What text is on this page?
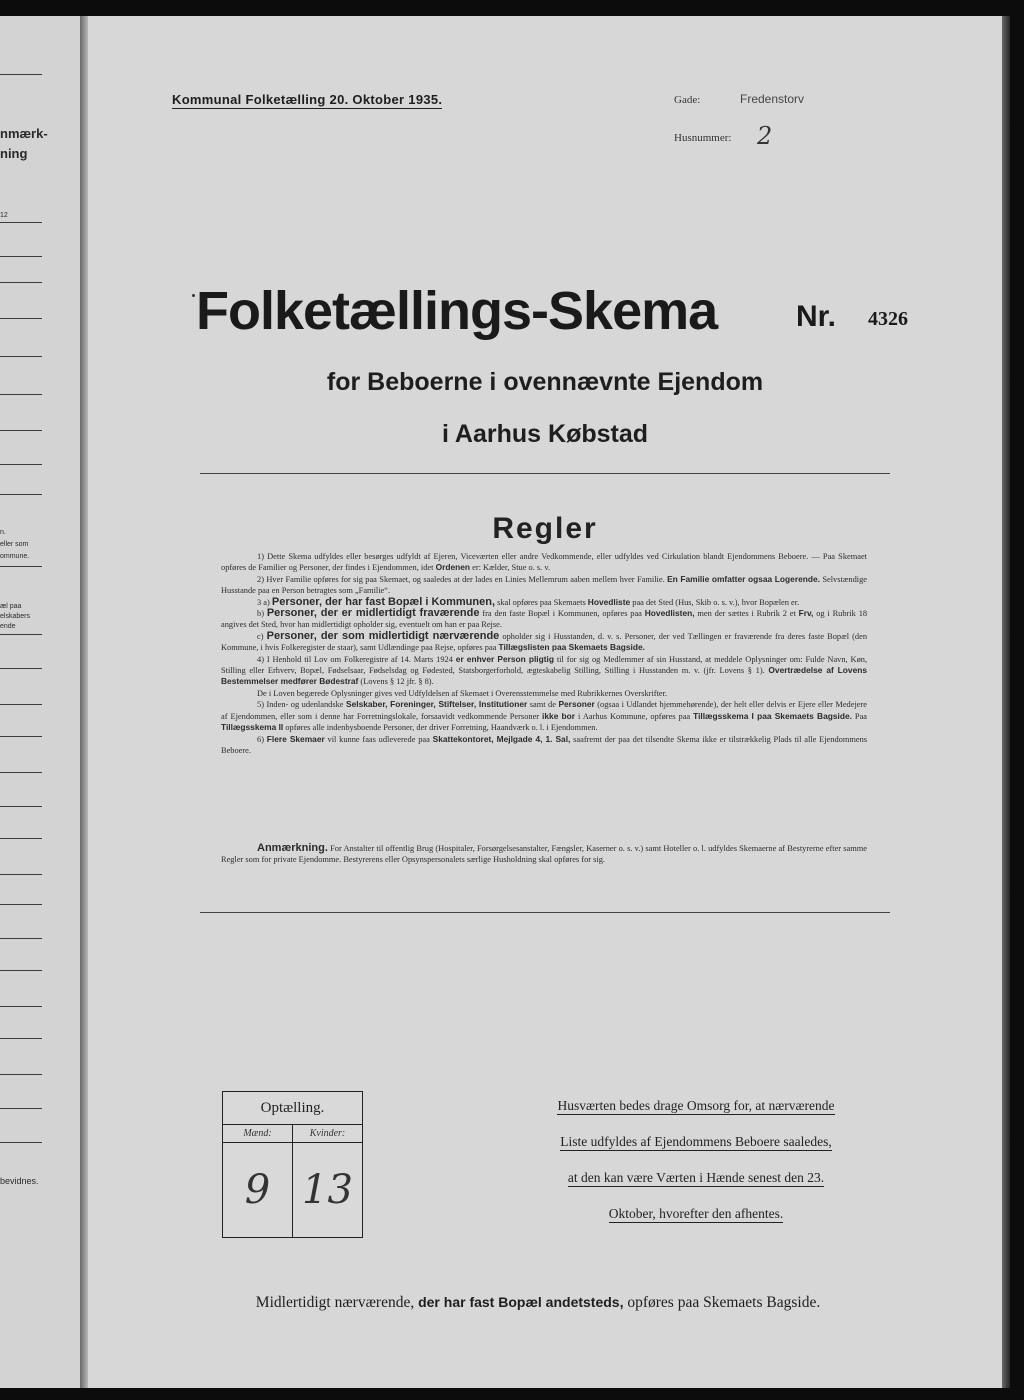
nmærk-
ning
12
n.
eller som
ommune.
æl paa
elskabers
ende
bevidnes.
Kommunal Folketælling 20. Oktober 1935.	Gade:	Fredenstorv
Husnummer: 2
Folketællings-Skema	Nr. 4326
for Beboerne i ovennævnte Ejendom
i Aarhus Købstad
Regler

1) Dette Skema udfyldes eller besørges udfyldt af Ejeren, Viceværten eller andre Vedkommende, eller udfyldes ved Cirkulation blandt Ejendommens Beboere. — Paa Skemaet opføres de Familier og Personer, der findes i Ejendommen, idet Ordenen er: Kælder, Stue o. s. v.

2) Hver Familie opføres for sig paa Skemaet, og saaledes at der lades en Linies Mellemrum aaben mellem hver Familie. En Familie omfatter ogsaa Logerende. Selvstændige Husstande paa en Person betragtes som „Familie“.

3 a) Personer, der har fast Bopæl i Kommunen, skal opføres paa Skemaets Hovedliste paa det Sted (Hus, Skib o. s. v.), hvor Bopælen er.

b) Personer, der er midlertidigt fraværende fra den faste Bopæl i Kommunen, opføres paa Hovedlisten, men der sættes i Rubrik 2 et Frv, og i Rubrik 18 angives det Sted, hvor han midlertidigt opholder sig, eventuelt om han er paa Rejse.

c) Personer, der som midlertidigt nærværende opholder sig i Husstanden, d. v. s. Personer, der ved Tællingen er fraværende fra deres faste Bopæl (den Kommune, i hvis Folkeregister de staar), samt Udlændinge paa Rejse, opføres paa Tillægslisten paa Skemaets Bagside.

4) I Henhold til Lov om Folkeregistre af 14. Marts 1924 er enhver Person pligtig til for sig og Medlemmer af sin Husstand, at meddele Oplysninger om: Fulde Navn, Køn, Stilling eller Erhverv, Bopæl, Fødselsaar, Fødselsdag og Fødested, Statsborgerforhold, ægteskabelig Stilling, Stilling i Husstanden m. v. (jfr. Lovens § 1). Overtrædelse af Lovens Bestemmelser medfører Bødestraf (Lovens § 12 jfr. § 8).

De i Loven begærede Oplysninger gives ved Udfyldelsen af Skemaet i Overensstemmelse med Rubrikkernes Overskrifter.

5) Inden- og udenlandske Selskaber, Foreninger, Stiftelser, Institutioner samt de Personer (ogsaa i Udlandet hjemmehørende), der helt eller delvis er Ejere eller Medejere af Ejendommen, eller som i denne har Forretningslokale, forsaavidt vedkommende Personer ikke bor i Aarhus Kommune, opføres paa Tillægsskema I paa Skemaets Bagside. Paa Tillægsskema II opføres alle indenbysboende Personer, der driver Forretning, Haandværk o. l. i Ejendommen.

6) Flere Skemaer vil kunne faas udleverede paa Skattekontoret, Mejlgade 4, 1. Sal, saafremt der paa det tilsendte Skema ikke er tilstrækkelig Plads til alle Ejendommens Beboere.

Anmærkning. For Anstalter til offentlig Brug (Hospitaler, Forsørgelsesanstalter, Fængsler, Kaserner o. s. v.) samt Hoteller o. l. udfyldes Skemaerne af Bestyrerne efter samme Regler som for private Ejendomme. Bestyrerens eller Opsynspersonalets særlige Husholdning skal opføres for sig.
Optælling.
Mænd:
9
Kvinder:
13
Husværten bedes drage Omsorg for, at nærværende
Liste udfyldes af Ejendommens Beboere saaledes,
at den kan være Værten i Hænde senest den 23.
Oktober, hvorefter den afhentes.
Midlertidigt nærværende, der har fast Bopæl andetsteds, opføres paa Skemaets Bagside.
